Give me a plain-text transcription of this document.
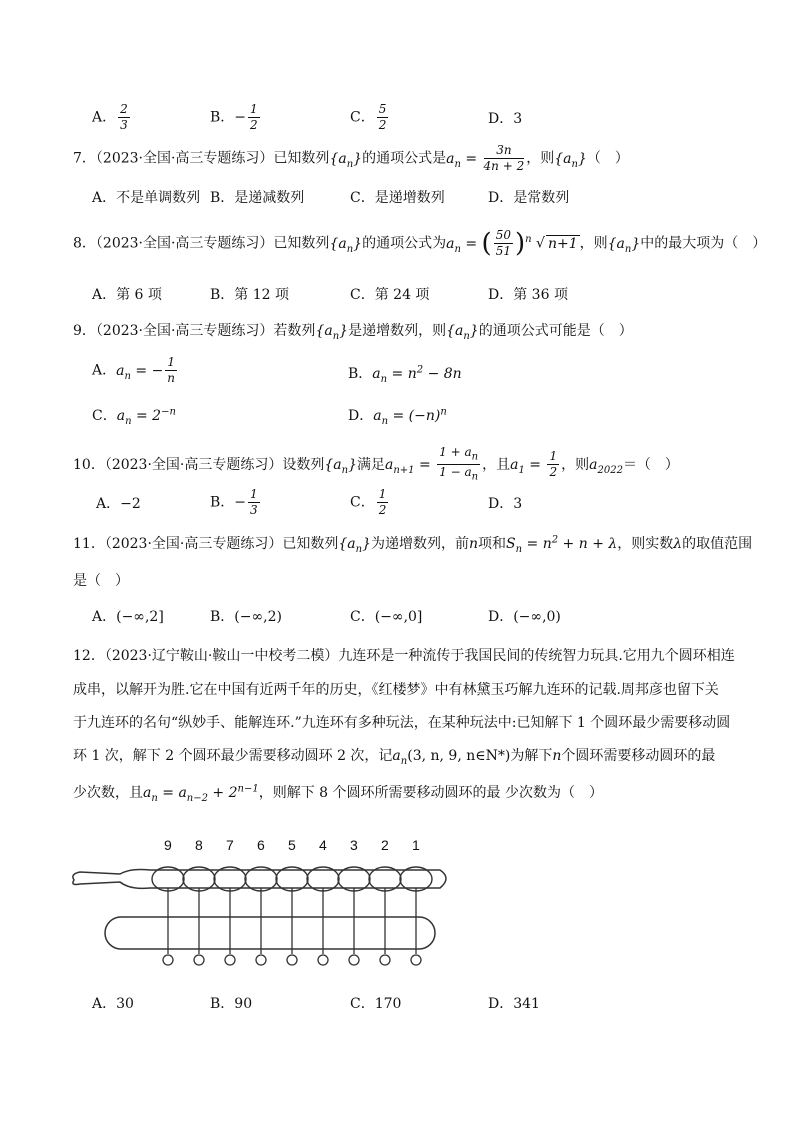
A． $\frac{2}{3}$	B．− $\frac{1}{2}$	C． $\frac{5}{2}$	D．3
7．（2023·全国·高三专题练习）已知数列$\{a_n\}$的通项公式是$a_n = \frac{3n}{4n + 2}$ ，则$\{a_n\}$（　）
A．不是单调数列 B．是递减数列	C．是递增数列	D．是常数列
8．（2023·全国·高三专题练习）已知数列$\{a_n\}$的通项公式为$a_n$ = ( $\frac{50}{51} )^n$ √ n+1 ，则$\{a_n\}$中的最大项为（　）
A．第 6 项	B．第 12 项	C．第 24 项	D．第 36 项
9．（2023·全国·高三专题练习）若数列$\{a_n\}$是递增数列，则$\{a_n\}$的通项公式可能是（　）
A．$a_n$ = − $\frac{1}{n}$	B．$a_n = n^2 - 8n$
C．$a_n = 2^{-n}$	D．$a_n = (-n)^n$
10．（2023·全国·高三专题练习）设数列$\{a_n\}$满足$a_{n+1} = \frac{1 + a_n}{1 - a_n}$ ，且$a_1 = \frac{1}{2}$ ，则$a_{2022}=$（　）
A．−2	B．− $\frac{1}{3}$	C． $\frac{1}{2}$	D．3
11．（2023·全国·高三专题练习）已知数列$\{a_n\}$为递增数列，前n项和$S_n = n^2 + n + \lambda$，则实数λ的取值范围
是（　）
A．(−∞,2]	B．(−∞,2)	C．(−∞,0]	D．(−∞,0)
12．（2023·辽宁鞍山·鞍山一中校考二模）九连环是一种流传于我国民间的传统智力玩具.它用九个圆环相连
成串，以解开为胜.它在中国有近两千年的历史，《红楼梦》中有林黛玉巧解九连环的记载.周邦彦也留下关
于九连环的名句“纵妙手、能解连环.”九连环有多种玩法，在某种玩法中:已知解下 1 个圆环最少需要移动圆
环 1 次，解下 2 个圆环最少需要移动圆环 2 次，记$a_n(3$, n, 9, n∈N*)为解下n个圆环需要移动圆环的最
少次数，且$a_n = a_{n-2} + 2^{n-1}$，则解下 8 个圆环所需要移动圆环的最 少次数为（　）
9 8 7 6 5 4 3 2 1
A．30	B．90	C．170	D．341
